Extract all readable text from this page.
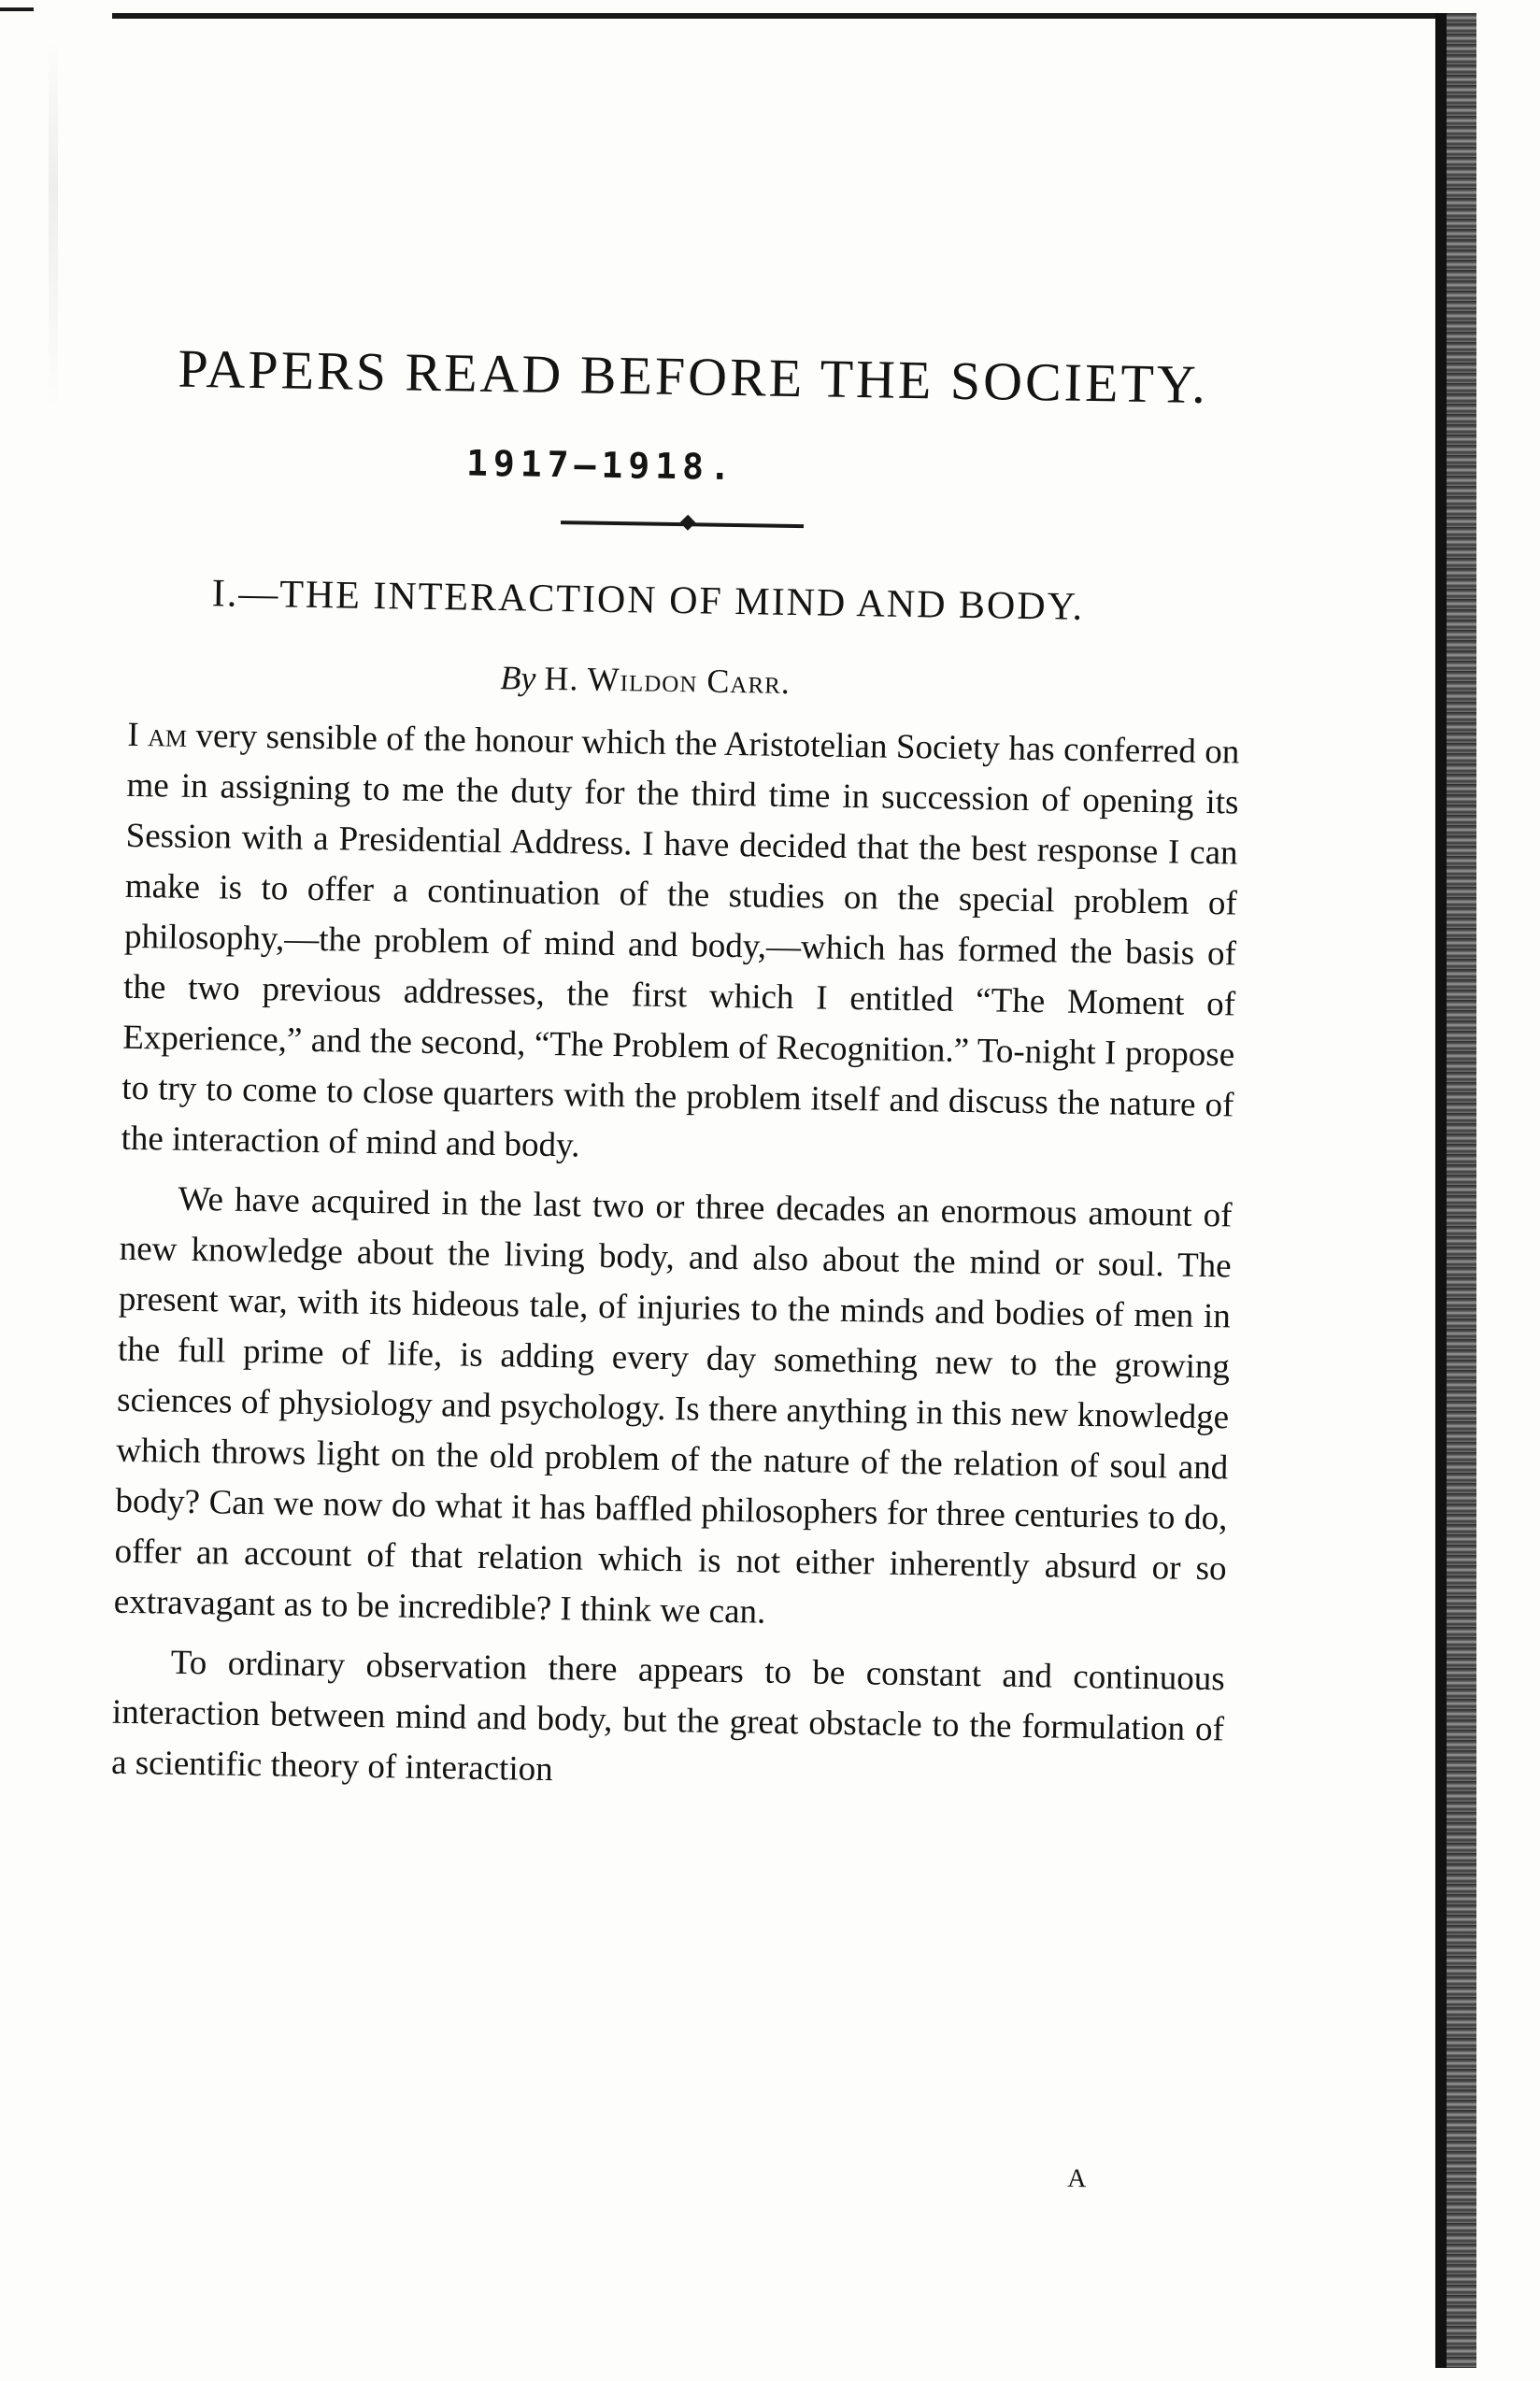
PAPERS READ BEFORE THE SOCIETY.
1917–1918.
I.—THE INTERACTION OF MIND AND BODY.
By H. Wildon Carr.

I am very sensible of the honour which the Aristotelian Society has conferred on me in assigning to me the duty for the third time in succession of opening its Session with a Presidential Address. I have decided that the best response I can make is to offer a continuation of the studies on the special problem of philosophy,—the problem of mind and body,—which has formed the basis of the two previous addresses, the first which I entitled “The Moment of Experience,” and the second, “The Problem of Recognition.” To-night I propose to try to come to close quarters with the problem itself and discuss the nature of the interaction of mind and body.

We have acquired in the last two or three decades an enormous amount of new knowledge about the living body, and also about the mind or soul. The present war, with its hideous tale, of injuries to the minds and bodies of men in the full prime of life, is adding every day something new to the growing sciences of physiology and psychology. Is there anything in this new knowledge which throws light on the old problem of the nature of the relation of soul and body? Can we now do what it has baffled philosophers for three centuries to do, offer an account of that relation which is not either inherently absurd or so extravagant as to be incredible? I think we can.

To ordinary observation there appears to be constant and continuous interaction between mind and body, but the great obstacle to the formulation of a scientific theory of interaction

A
